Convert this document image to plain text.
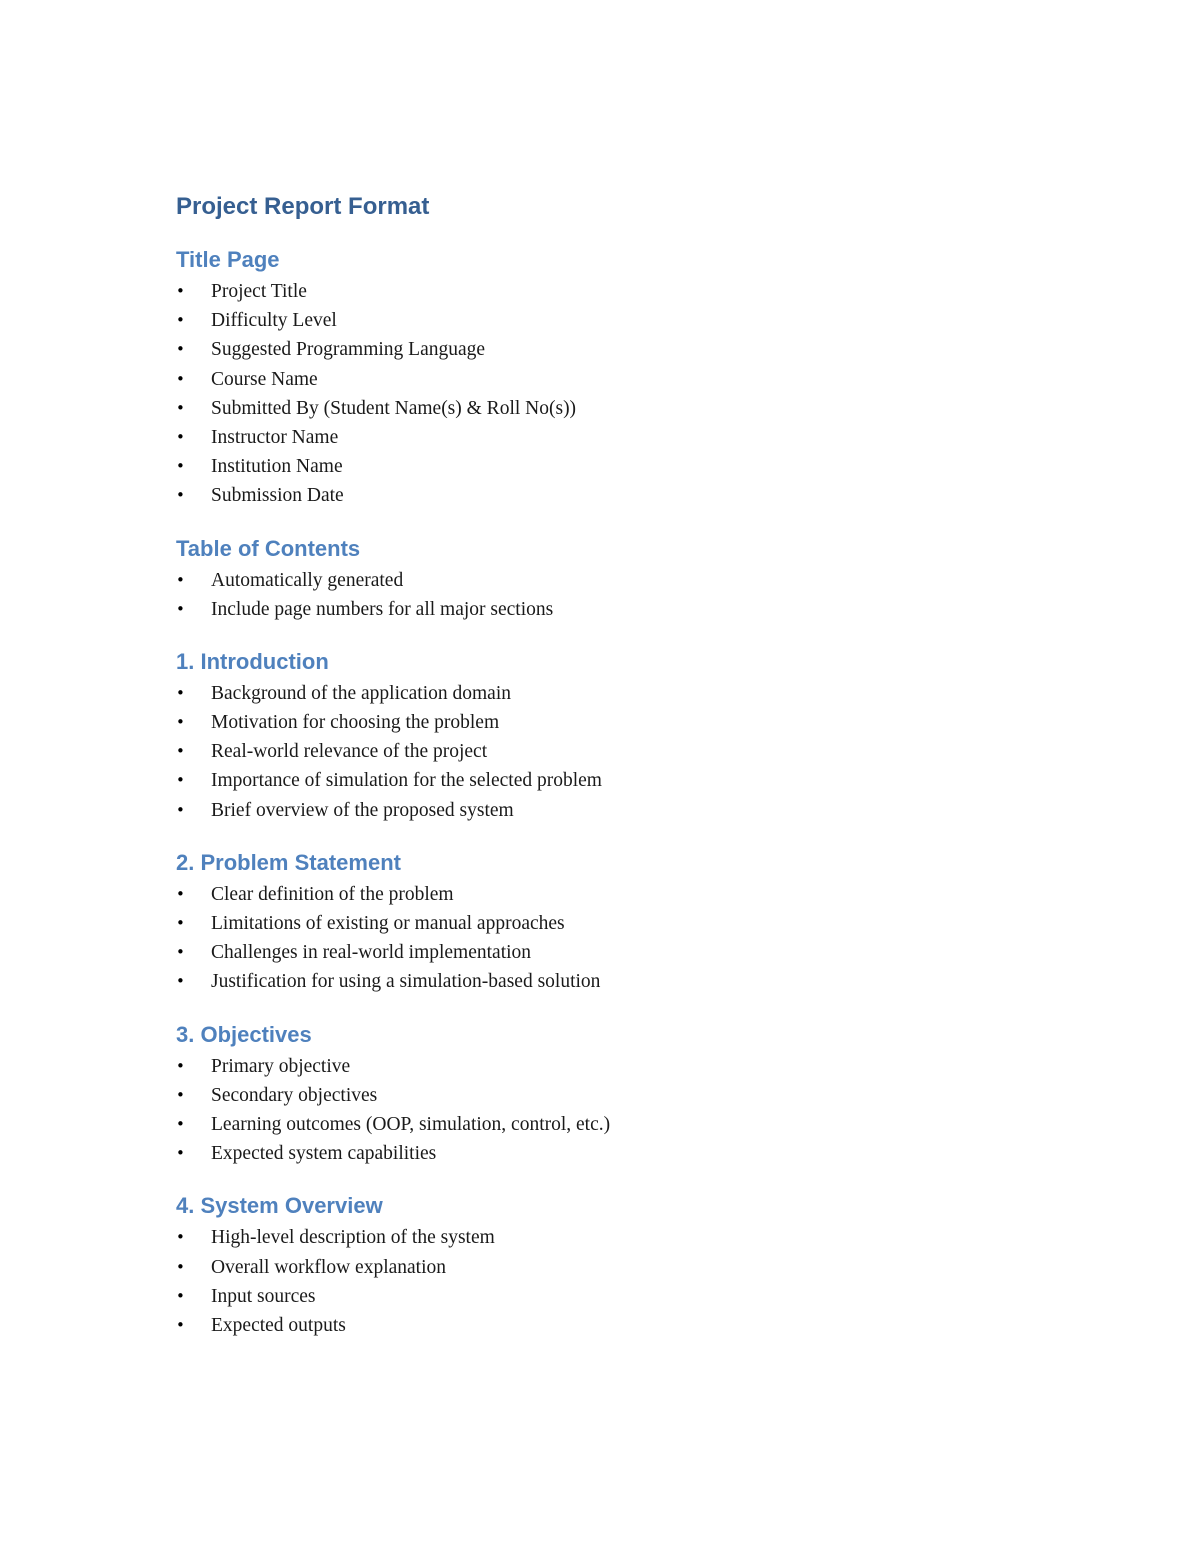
Project Report Format
Title Page
• Project Title
• Difficulty Level
• Suggested Programming Language
• Course Name
• Submitted By (Student Name(s) & Roll No(s))
• Instructor Name
• Institution Name
• Submission Date
Table of Contents
• Automatically generated
• Include page numbers for all major sections
1. Introduction
• Background of the application domain
• Motivation for choosing the problem
• Real-world relevance of the project
• Importance of simulation for the selected problem
• Brief overview of the proposed system
2. Problem Statement
• Clear definition of the problem
• Limitations of existing or manual approaches
• Challenges in real-world implementation
• Justification for using a simulation-based solution
3. Objectives
• Primary objective
• Secondary objectives
• Learning outcomes (OOP, simulation, control, etc.)
• Expected system capabilities
4. System Overview
• High-level description of the system
• Overall workflow explanation
• Input sources
• Expected outputs
